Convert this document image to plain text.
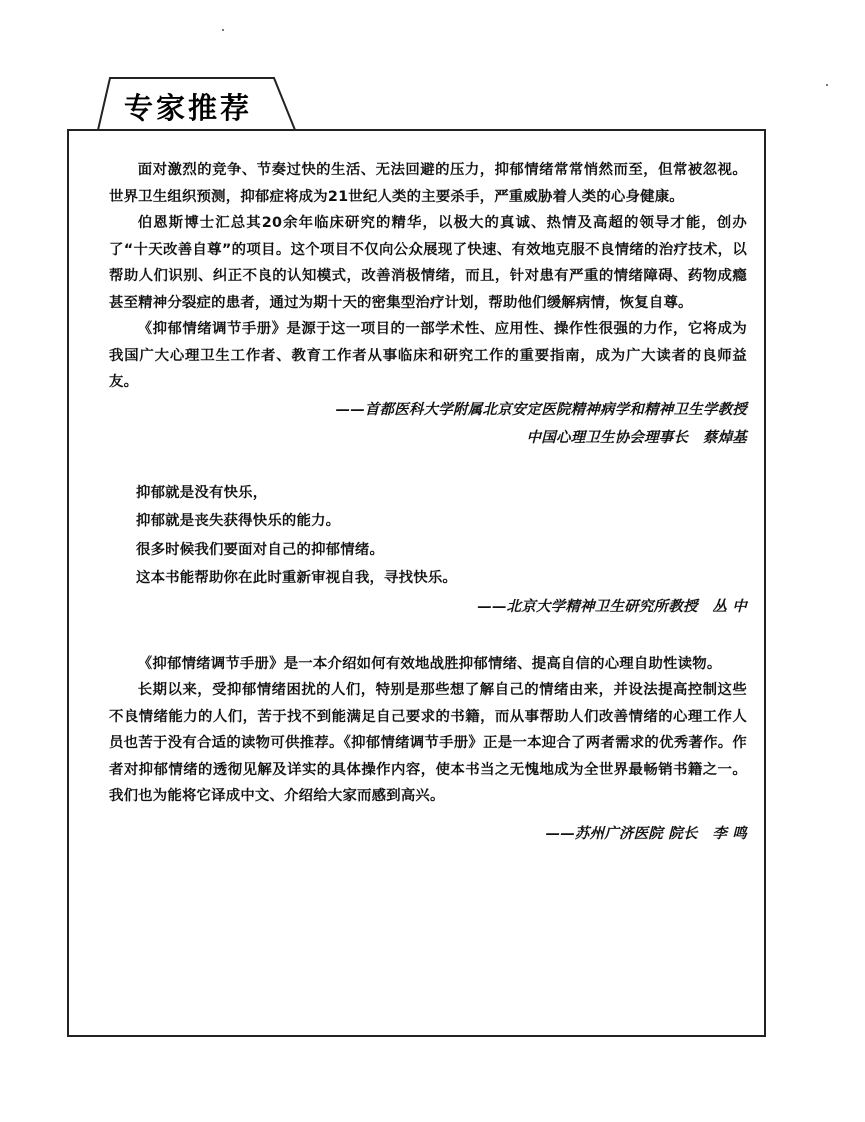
专家推荐

面对激烈的竞争、节奏过快的生活、无法回避的压力，抑郁情绪常常悄然而至，但常被忽视。世界卫生组织预测，抑郁症将成为21世纪人类的主要杀手，严重威胁着人类的心身健康。

伯恩斯博士汇总其20余年临床研究的精华，以极大的真诚、热情及高超的领导才能，创办了“十天改善自尊”的项目。这个项目不仅向公众展现了快速、有效地克服不良情绪的治疗技术，以帮助人们识别、纠正不良的认知模式，改善消极情绪，而且，针对患有严重的情绪障碍、药物成瘾甚至精神分裂症的患者，通过为期十天的密集型治疗计划，帮助他们缓解病情，恢复自尊。

《抑郁情绪调节手册》是源于这一项目的一部学术性、应用性、操作性很强的力作，它将成为我国广大心理卫生工作者、教育工作者从事临床和研究工作的重要指南，成为广大读者的良师益友。

——首都医科大学附属北京安定医院精神病学和精神卫生学教授

中国心理卫生协会理事长　蔡焯基

抑郁就是没有快乐，

抑郁就是丧失获得快乐的能力。

很多时候我们要面对自己的抑郁情绪。

这本书能帮助你在此时重新审视自我，寻找快乐。

——北京大学精神卫生研究所教授　丛 中

《抑郁情绪调节手册》是一本介绍如何有效地战胜抑郁情绪、提高自信的心理自助性读物。

长期以来，受抑郁情绪困扰的人们，特别是那些想了解自己的情绪由来，并设法提高控制这些不良情绪能力的人们，苦于找不到能满足自己要求的书籍，而从事帮助人们改善情绪的心理工作人员也苦于没有合适的读物可供推荐。《抑郁情绪调节手册》正是一本迎合了两者需求的优秀著作。作者对抑郁情绪的透彻见解及详实的具体操作内容，使本书当之无愧地成为全世界最畅销书籍之一。我们也为能将它译成中文、介绍给大家而感到高兴。

——苏州广济医院 院长　李 鸣
